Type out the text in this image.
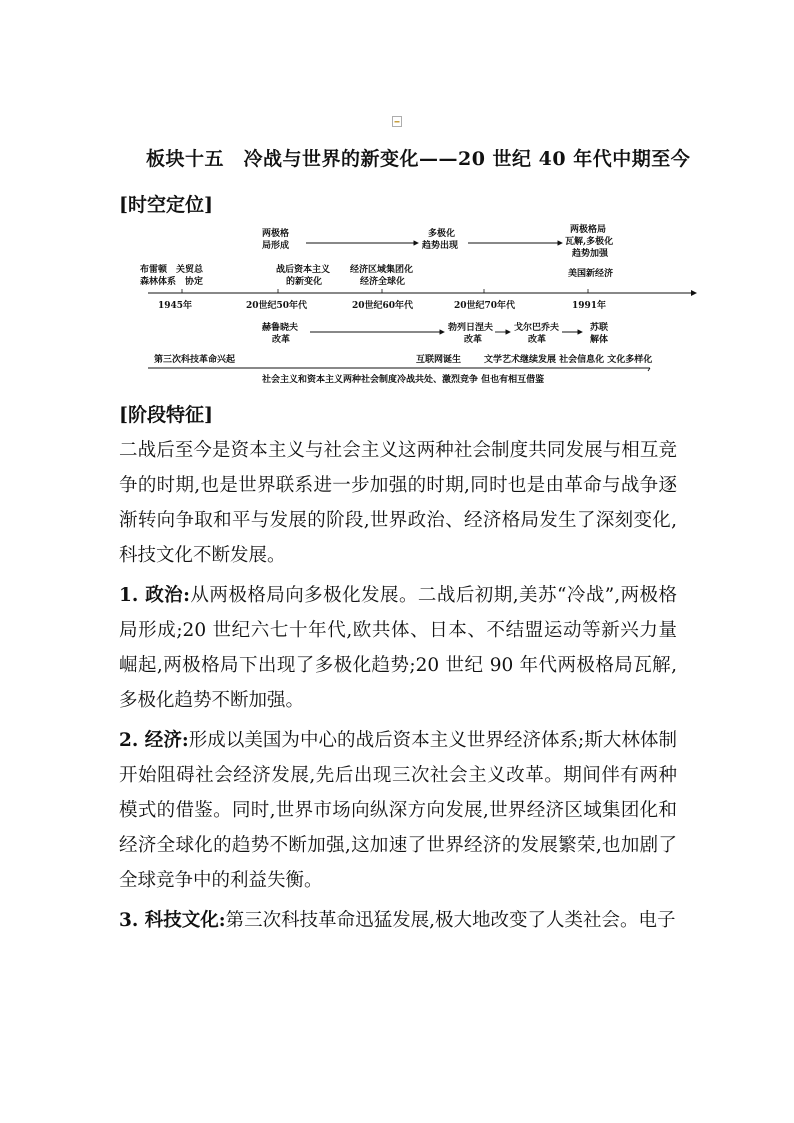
板块十五　冷战与世界的新变化——20 世纪 40 年代中期至今
[时空定位]
两极格
局形成
多极化
趋势出现
两极格局
瓦解,多极化
趋势加强
布雷顿　关贸总
森林体系　协定
战后资本主义
的新变化
经济区域集团化
经济全球化
美国新经济
1945年	20世纪50年代	20世纪60年代	20世纪70年代	1991年
赫鲁晓夫
改革
勃列日涅夫
改革
戈尔巴乔夫
改革
苏联
解体
第三次科技革命兴起	互联网诞生	文学艺术继续发展 社会信息化 文化多样化
社会主义和资本主义两种社会制度冷战共处、激烈竞争 但也有相互借鉴
[阶段特征]

二战后至今是资本主义与社会主义这两种社会制度共同发展与相互竞争的时期,也是世界联系进一步加强的时期,同时也是由革命与战争逐渐转向争取和平与发展的阶段,世界政治、经济格局发生了深刻变化,科技文化不断发展。

1. 政治:从两极格局向多极化发展。二战后初期,美苏“冷战”,两极格局形成;20 世纪六七十年代,欧共体、日本、不结盟运动等新兴力量崛起,两极格局下出现了多极化趋势;20 世纪 90 年代两极格局瓦解,多极化趋势不断加强。

2. 经济:形成以美国为中心的战后资本主义世界经济体系;斯大林体制开始阻碍社会经济发展,先后出现三次社会主义改革。期间伴有两种模式的借鉴。同时,世界市场向纵深方向发展,世界经济区域集团化和经济全球化的趋势不断加强,这加速了世界经济的发展繁荣,也加剧了全球竞争中的利益失衡。

3. 科技文化:第三次科技革命迅猛发展,极大地改变了人类社会。电子
